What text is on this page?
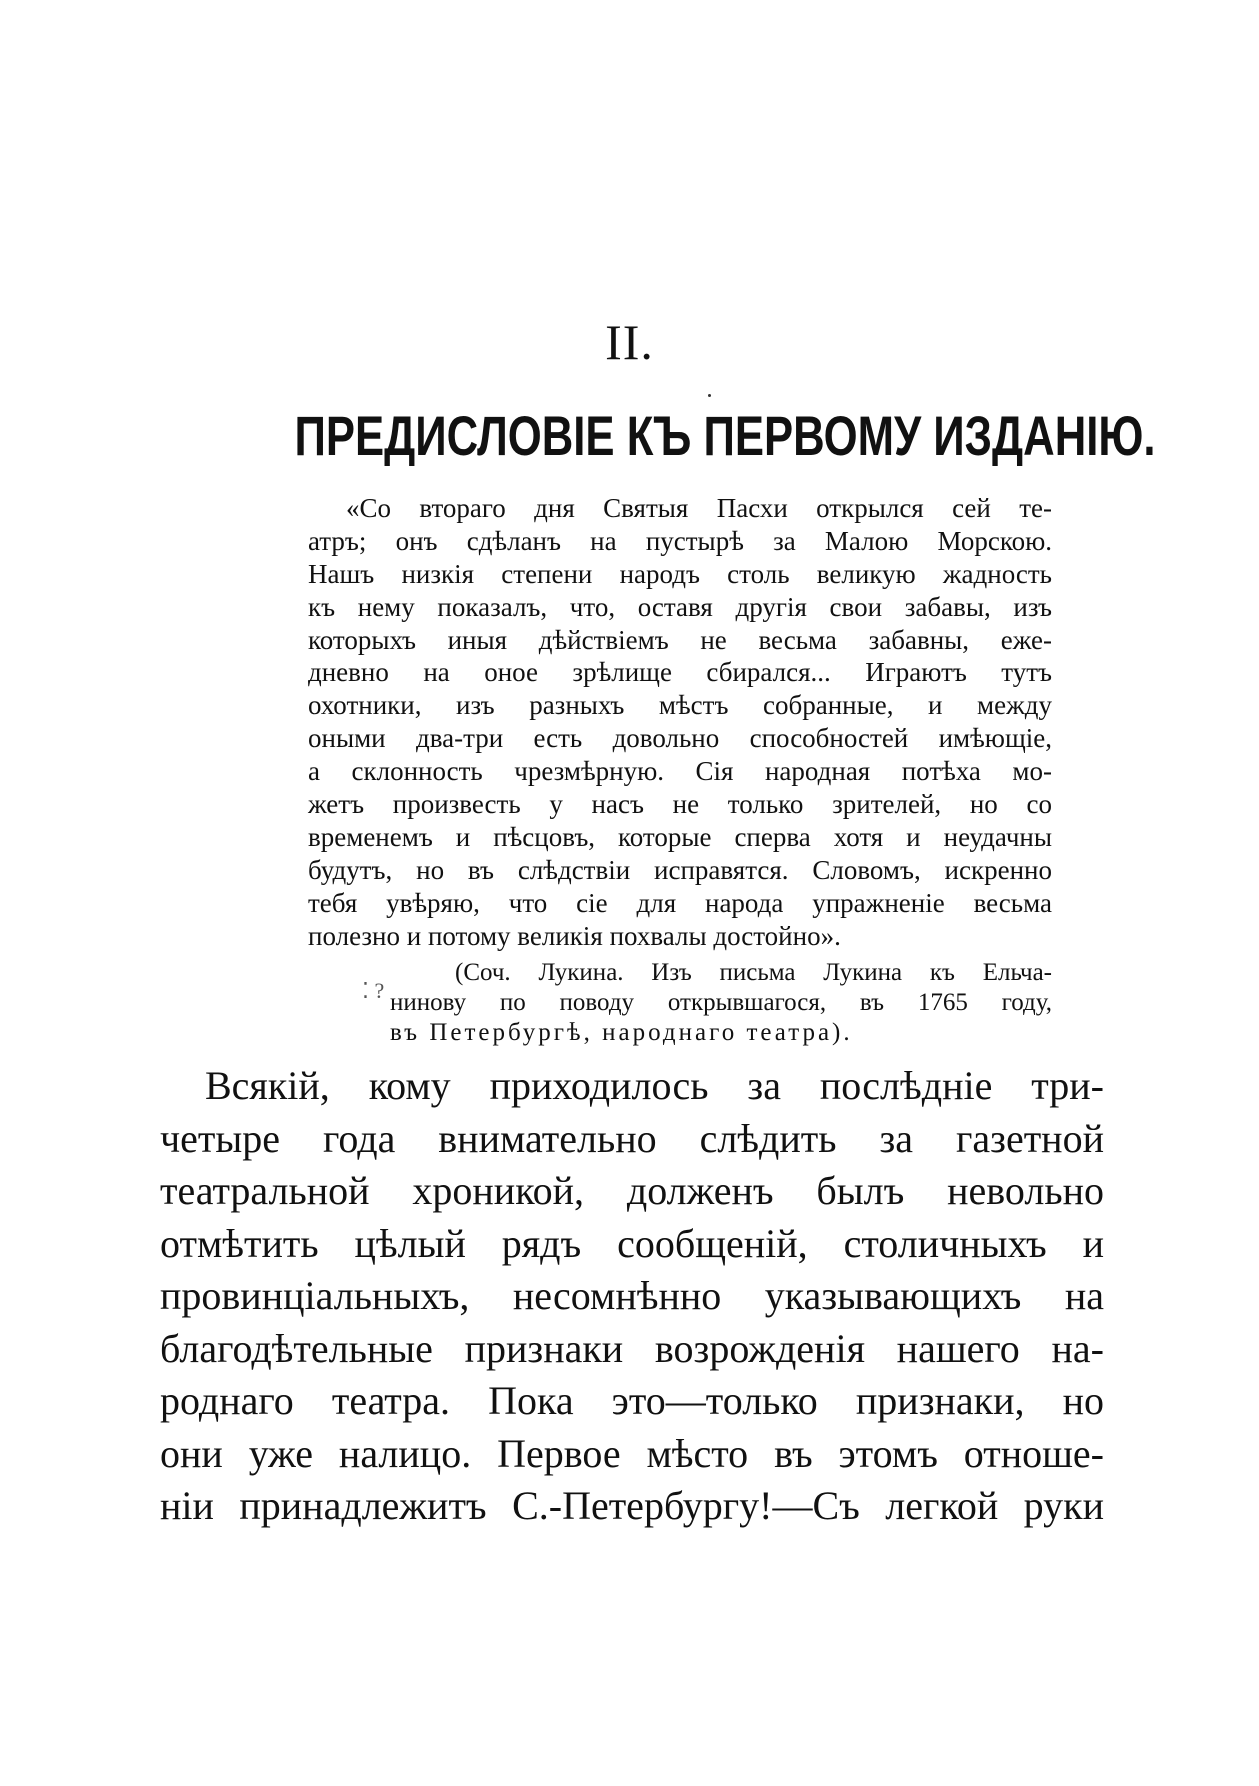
II.
ПРЕДИСЛОВІЕ КЪ ПЕРВОМУ ИЗДАНІЮ.
«Со втораго дня Святыя Пасхи открылся сей те-
атръ; онъ сдѣланъ на пустырѣ за Малою Морскою.
Нашъ низкія степени народъ столь великую жадность
къ нему показалъ, что, оставя другія свои забавы, изъ
которыхъ иныя дѣйствіемъ не весьма забавны, еже-
дневно на оное зрѣлище сбирался... Играютъ тутъ
охотники, изъ разныхъ мѣстъ собранные, и между
оными два-три есть довольно способностей имѣющіе,
а склонность чрезмѣрную. Сія народная потѣха мо-
жетъ произвесть у насъ не только зрителей, но со
временемъ и пѣсцовъ, которые сперва хотя и неудачны
будутъ, но въ слѣдствіи исправятся. Словомъ, искренно
тебя увѣряю, что сіе для народа упражненіе весьма
полезно и потому великія похвалы достойно».
⁚ ?
(Соч. Лукина. Изъ письма Лукина къ Ельча-
нинову по поводу открывшагося, въ 1765 году,
въ Петербургѣ, народнаго театра).
Всякій, кому приходилось за послѣдніе три-
четыре года внимательно слѣдить за газетной
театральной хроникой, долженъ былъ невольно
отмѣтить цѣлый рядъ сообщеній, столичныхъ и
провинціальныхъ, несомнѣнно указывающихъ на
благодѣтельные признаки возрожденія нашего на-
роднаго театра. Пока это—только признаки, но
они уже налицо. Первое мѣсто въ этомъ отноше-
ніи принадлежитъ С.-Петербургу!—Съ легкой руки
